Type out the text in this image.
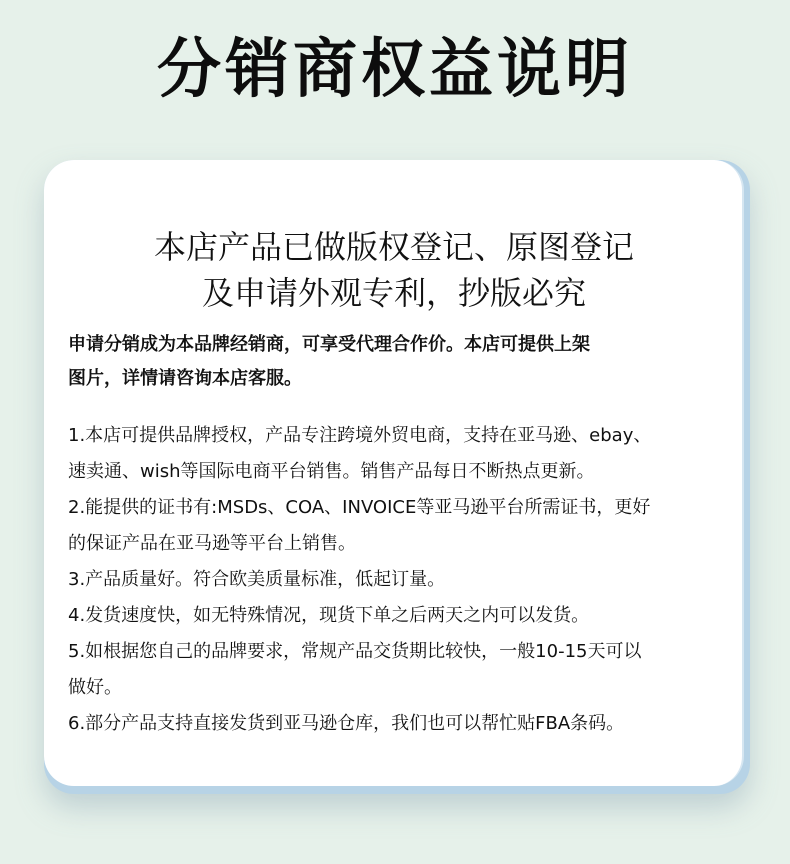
分销商权益说明
本店产品已做版权登记、原图登记
及申请外观专利，抄版必究
申请分销成为本品牌经销商，可享受代理合作价。本店可提供上架
图片，详情请咨询本店客服。
1.本店可提供品牌授权，产品专注跨境外贸电商，支持在亚马逊、ebay、
速卖通、wish等国际电商平台销售。销售产品每日不断热点更新。
2.能提供的证书有:MSDs、COA、INVOICE等亚马逊平台所需证书，更好
的保证产品在亚马逊等平台上销售。
3.产品质量好。符合欧美质量标准，低起订量。
4.发货速度快，如无特殊情况，现货下单之后两天之内可以发货。
5.如根据您自己的品牌要求，常规产品交货期比较快，一般10-15天可以
做好。
6.部分产品支持直接发货到亚马逊仓库，我们也可以帮忙贴FBA条码。
